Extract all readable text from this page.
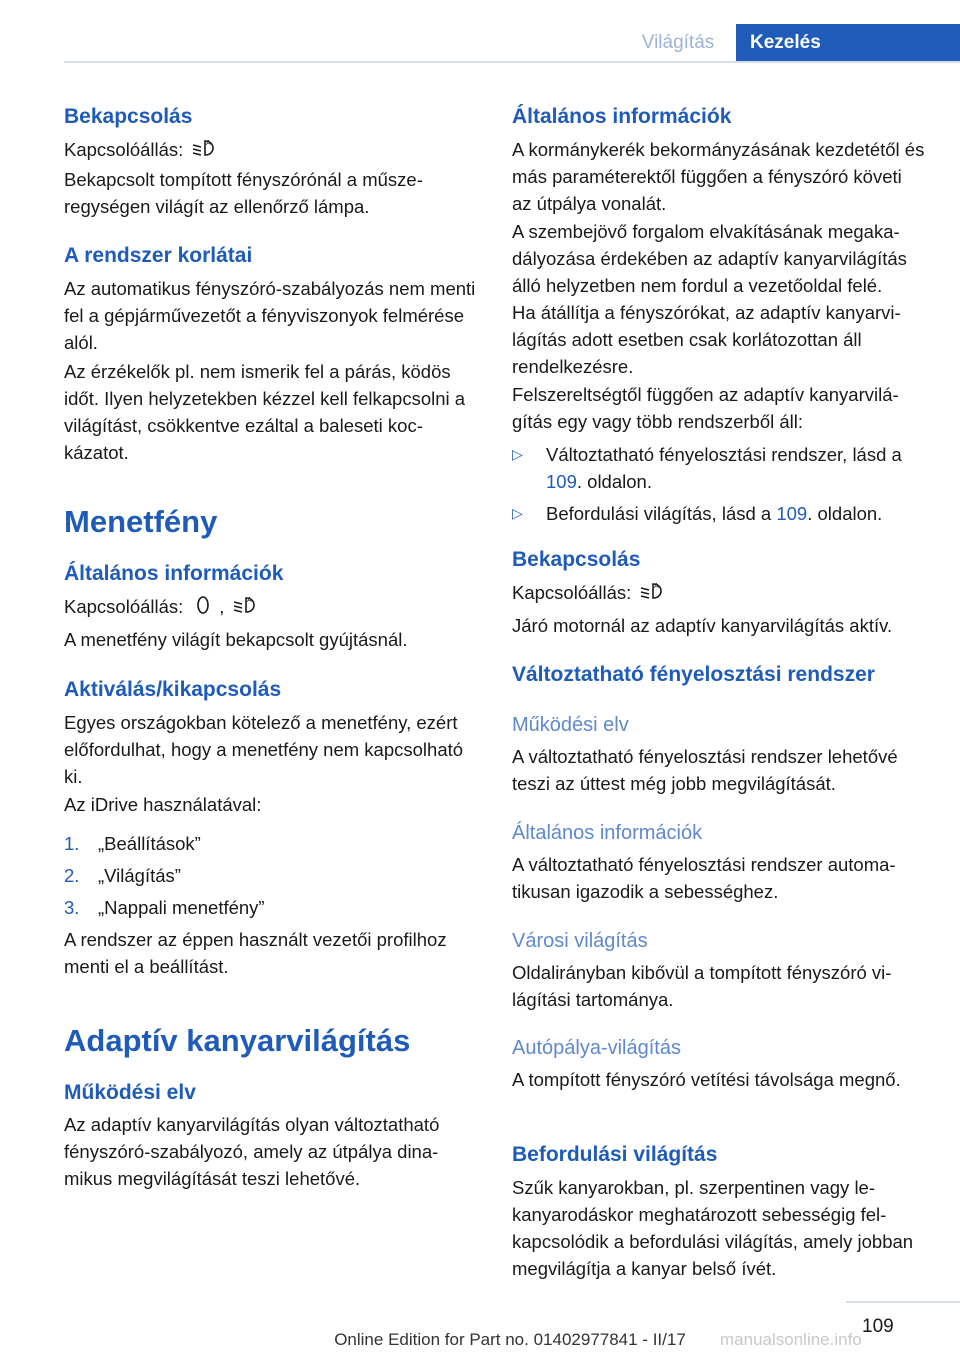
Világítás	Kezelés
Bekapcsolás

Kapcsolóállás:	A

Bekapcsolt tompított fényszórónál a műszeregységen világít az ellenőrző lámpa.

A rendszer korlátai

Az automatikus fényszóró-szabályozás nem menti fel a gépjárművezetőt a fényviszonyok felmérése alól.

Az érzékelők pl. nem ismerik fel a párás, ködös időt. Ilyen helyzetekben kézzel kell felkapcsolni a világítást, csökkentve ezáltal a baleseti kockázatot.

Menetfény
Általános információk

Kapcsolóállás: ,	A

A menetfény világít bekapcsolt gyújtásnál.

Aktiválás/kikapcsolás

Egyes országokban kötelező a menetfény, ezért előfordulhat, hogy a menetfény nem kapcsolható ki.

Az iDrive használatával:

1. „Beállítások”
2. „Világítás”
3. „Nappali menetfény”

A rendszer az éppen használt vezetői profilhoz menti el a beállítást.

Adaptív kanyarvilágítás
Működési elv

Az adaptív kanyarvilágítás olyan változtatható fényszóró-szabályozó, amely az útpálya dinamikus megvilágítását teszi lehetővé.

Általános információk

A kormánykerék bekormányzásának kezdetétől és más paraméterektől függően a fényszóró követi az útpálya vonalát.

A szembejövő forgalom elvakításának megakadályozása érdekében az adaptív kanyarvilágítás álló helyzetben nem fordul a vezetőoldal felé.

Ha átállítja a fényszórókat, az adaptív kanyarvilágítás adott esetben csak korlátozottan áll rendelkezésre.

Felszereltségtől függően az adaptív kanyarvilágítás egy vagy több rendszerből áll:

▷ Változtatható fényelosztási rendszer, lásd a 109. oldalon.
▷ Befordulási világítás, lásd a 109. oldalon.
Bekapcsolás

Kapcsolóállás:	A

Járó motornál az adaptív kanyarvilágítás aktív.

Változtatható fényelosztási rendszer
Működési elv

A változtatható fényelosztási rendszer lehetővé teszi az úttest még jobb megvilágítását.

Általános információk

A változtatható fényelosztási rendszer automatikusan igazodik a sebességhez.

Városi világítás

Oldalirányban kibővül a tompított fényszóró világítási tartománya.

Autópálya-világítás

A tompított fényszóró vetítési távolsága megnő.

Befordulási világítás

Szűk kanyarokban, pl. szerpentinen vagy lekanyarodáskor meghatározott sebességig felkapcsolódik a befordulási világítás, amely jobban megvilágítja a kanyar belső ívét.

109
Online Edition for Part no. 01402977841 - II/17	manualsonline.info
